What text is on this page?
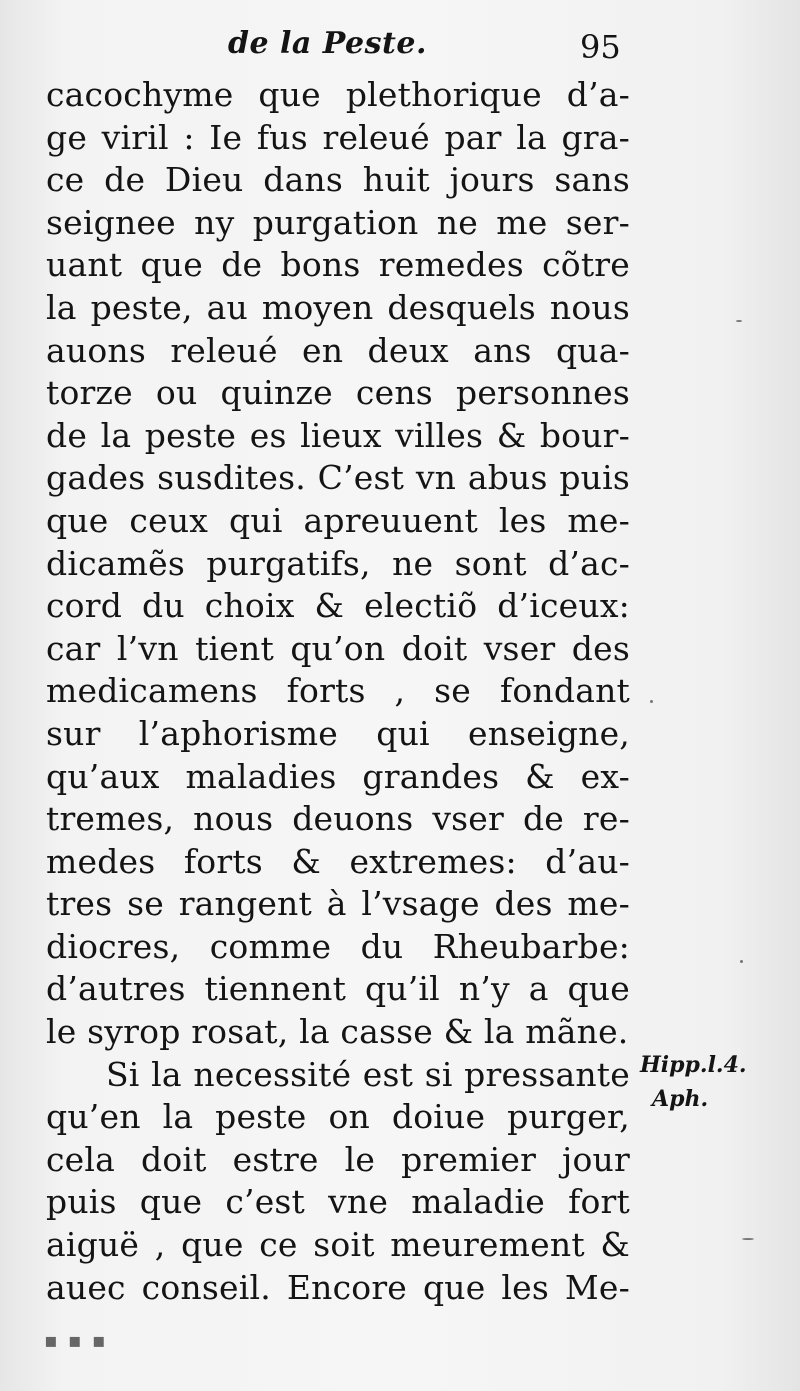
de la Peste.	95
cacochyme que plethorique d’a-
ge viril : Ie fus releué par la gra-
ce de Dieu dans huit jours sans
seignee ny purgation ne me ser-
uant que de bons remedes cõtre
la peste, au moyen desquels nous
auons releué en deux ans qua-
torze ou quinze cens personnes
de la peste es lieux villes & bour-
gades susdites. C’est vn abus puis
que ceux qui apreuuent les me-
dicamẽs purgatifs, ne sont d’ac-
cord du choix & electiõ d’iceux:
car l’vn tient qu’on doit vser des
medicamens forts , se fondant
sur l’aphorisme qui enseigne,
qu’aux maladies grandes & ex-
tremes, nous deuons vser de re-
medes forts & extremes: d’au-
tres se rangent à l’vsage des me-
diocres, comme du Rheubarbe:
d’autres tiennent qu’il n’y a que
le syrop rosat, la casse & la mãne.
Si la necessité est si pressante
qu’en la peste on doiue purger,
cela doit estre le premier jour
puis que c’est vne maladie fort
aiguë , que ce soit meurement &
auec conseil. Encore que les Me-
Hipp.l.4.
Aph.
▪ ▪ ▪
